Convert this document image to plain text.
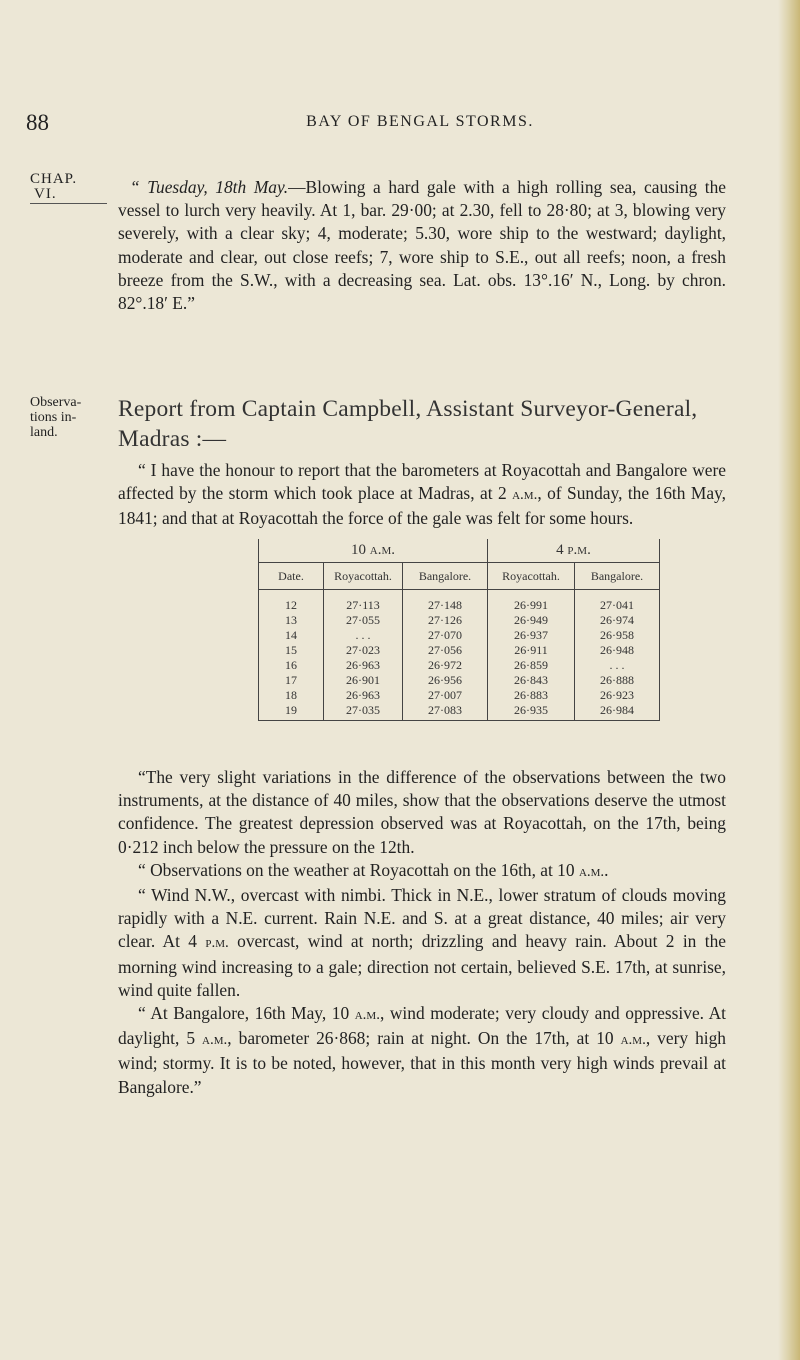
88	BAY OF BENGAL STORMS.
CHAP.
VI.
Observa-tions in-land.
“ Tuesday, 18th May.—Blowing a hard gale with a high rolling sea, causing the vessel to lurch very heavily. At 1, bar. 29·00; at 2.30, fell to 28·80; at 3, blowing very severely, with a clear sky; 4, moderate; 5.30, wore ship to the westward; daylight, moderate and clear, out close reefs; 7, wore ship to S.E., out all reefs; noon, a fresh breeze from the S.W., with a decreasing sea. Lat. obs. 13°.16′ N., Long. by chron. 82°.18′ E.”
Report from Captain Campbell, Assistant Surveyor-General, Madras :—
“ I have the honour to report that the barometers at Royacottah and Bangalore were affected by the storm which took place at Madras, at 2 a.m., of Sunday, the 16th May, 1841; and that at Royacottah the force of the gale was felt for some hours.
10 a.m.			4 p.m.	
Date.	Royacottah.	Bangalore.	Royacottah.	Bangalore.
12	27·113	27·148	26·991	27·041
13	27·055	27·126	26·949	26·974
14	. . .	27·070	26·937	26·958
15	27·023	27·056	26·911	26·948
16	26·963	26·972	26·859	. . .
17	26·901	26·956	26·843	26·888
18	26·963	27·007	26·883	26·923
19	27·035	27·083	26·935	26·984

“The very slight variations in the difference of the observations between the two instruments, at the distance of 40 miles, show that the observations deserve the utmost confidence. The greatest depression observed was at Royacottah, on the 17th, being 0·212 inch below the pressure on the 12th.

“ Observations on the weather at Royacottah on the 16th, at 10 a.m..

“ Wind N.W., overcast with nimbi. Thick in N.E., lower stratum of clouds moving rapidly with a N.E. current. Rain N.E. and S. at a great distance, 40 miles; air very clear. At 4 p.m. overcast, wind at north; drizzling and heavy rain. About 2 in the morning wind increasing to a gale; direction not certain, believed S.E. 17th, at sunrise, wind quite fallen.

“ At Bangalore, 16th May, 10 a.m., wind moderate; very cloudy and oppressive. At daylight, 5 a.m., barometer 26·868; rain at night. On the 17th, at 10 a.m., very high wind; stormy. It is to be noted, however, that in this month very high winds prevail at Bangalore.”
